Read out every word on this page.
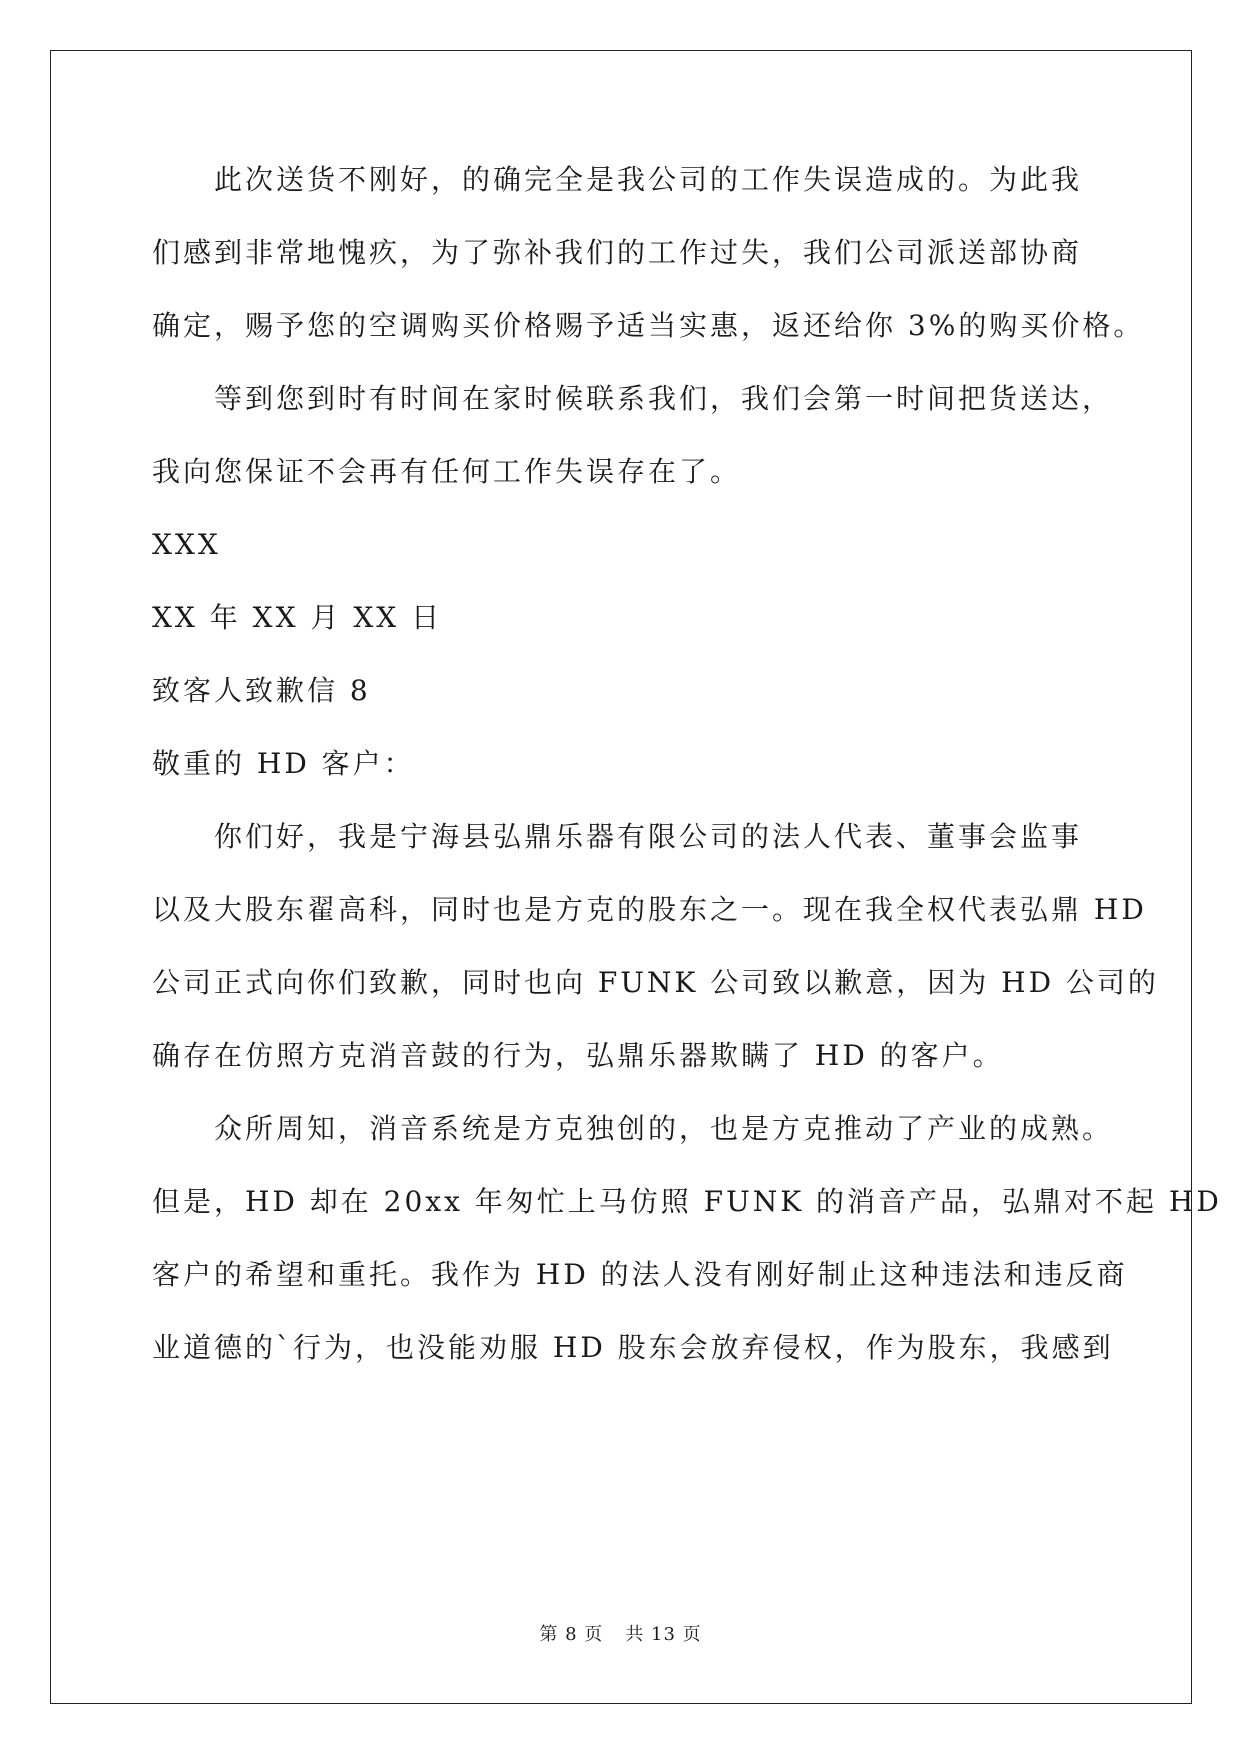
此次送货不刚好，的确完全是我公司的工作失误造成的。为此我
们感到非常地愧疚，为了弥补我们的工作过失，我们公司派送部协商
确定，赐予您的空调购买价格赐予适当实惠，返还给你 3%的购买价格。
等到您到时有时间在家时候联系我们，我们会第一时间把货送达，
我向您保证不会再有任何工作失误存在了。
XXX
XX 年 XX 月 XX 日
致客人致歉信 8
敬重的 HD 客户：
你们好，我是宁海县弘鼎乐器有限公司的法人代表、董事会监事
以及大股东翟高科，同时也是方克的股东之一。现在我全权代表弘鼎 HD
公司正式向你们致歉，同时也向 FUNK 公司致以歉意，因为 HD 公司的
确存在仿照方克消音鼓的行为，弘鼎乐器欺瞒了 HD 的客户。
众所周知，消音系统是方克独创的，也是方克推动了产业的成熟。
但是，HD 却在 20xx 年匆忙上马仿照 FUNK 的消音产品，弘鼎对不起 HD
客户的希望和重托。我作为 HD 的法人没有刚好制止这种违法和违反商
业道德的`行为，也没能劝服 HD 股东会放弃侵权，作为股东，我感到
第 8 页 共 13 页
